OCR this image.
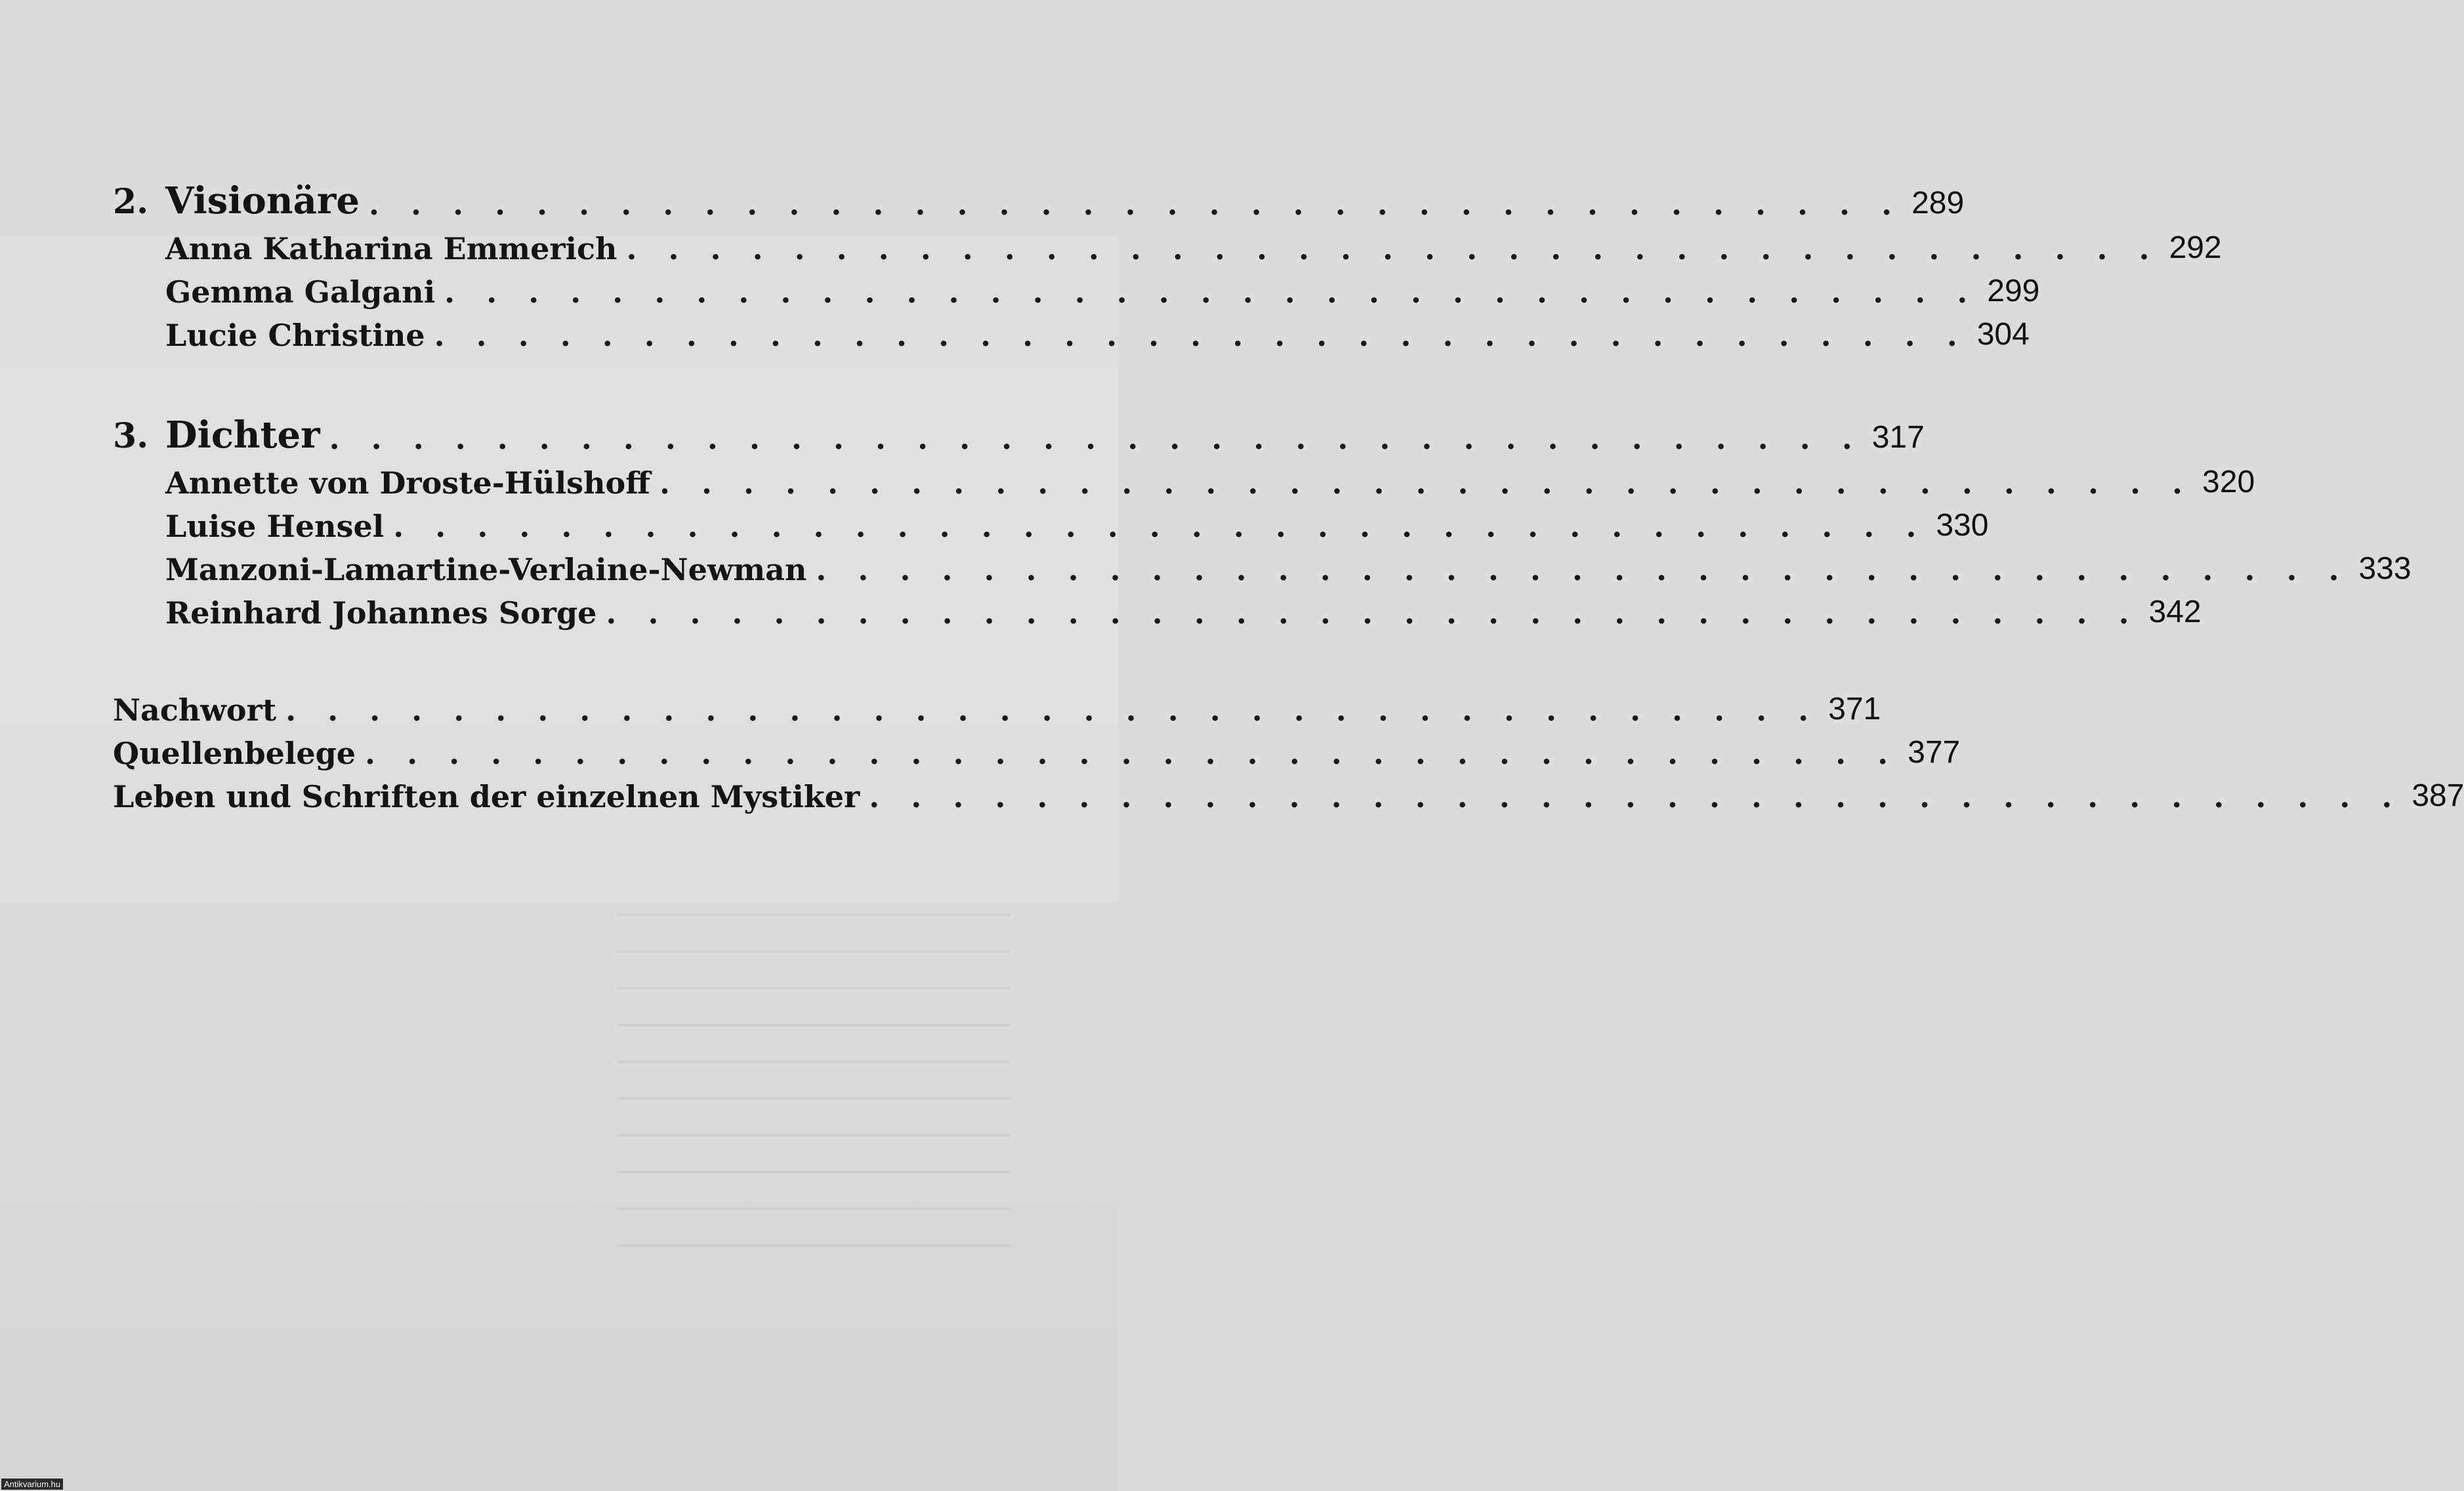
2. Visionäre . . . . . . . . . . . . . . . . . . . . . . . . . . . . . . . . . . . . . 289
Anna Katharina Emmerich . . . . . . . . . . . . . . . . . . . . . . . . . . . . . . . . . . . . . 292
Gemma Galgani . . . . . . . . . . . . . . . . . . . . . . . . . . . . . . . . . . . . . 299
Lucie Christine . . . . . . . . . . . . . . . . . . . . . . . . . . . . . . . . . . . . . 304
3. Dichter . . . . . . . . . . . . . . . . . . . . . . . . . . . . . . . . . . . . . 317
Annette von Droste-Hülshoff . . . . . . . . . . . . . . . . . . . . . . . . . . . . . . . . . . . . . 320
Luise Hensel . . . . . . . . . . . . . . . . . . . . . . . . . . . . . . . . . . . . . 330
Manzoni-Lamartine-Verlaine-Newman . . . . . . . . . . . . . . . . . . . . . . . . . . . . . . . . . . . . . 333
Reinhard Johannes Sorge . . . . . . . . . . . . . . . . . . . . . . . . . . . . . . . . . . . . . 342
Nachwort . . . . . . . . . . . . . . . . . . . . . . . . . . . . . . . . . . . . . 371
Quellenbelege . . . . . . . . . . . . . . . . . . . . . . . . . . . . . . . . . . . . . 377
Leben und Schriften der einzelnen Mystiker . . . . . . . . . . . . . . . . . . . . . . . . . . . . . . . . . . . . . 387
Antikvarium.hu
